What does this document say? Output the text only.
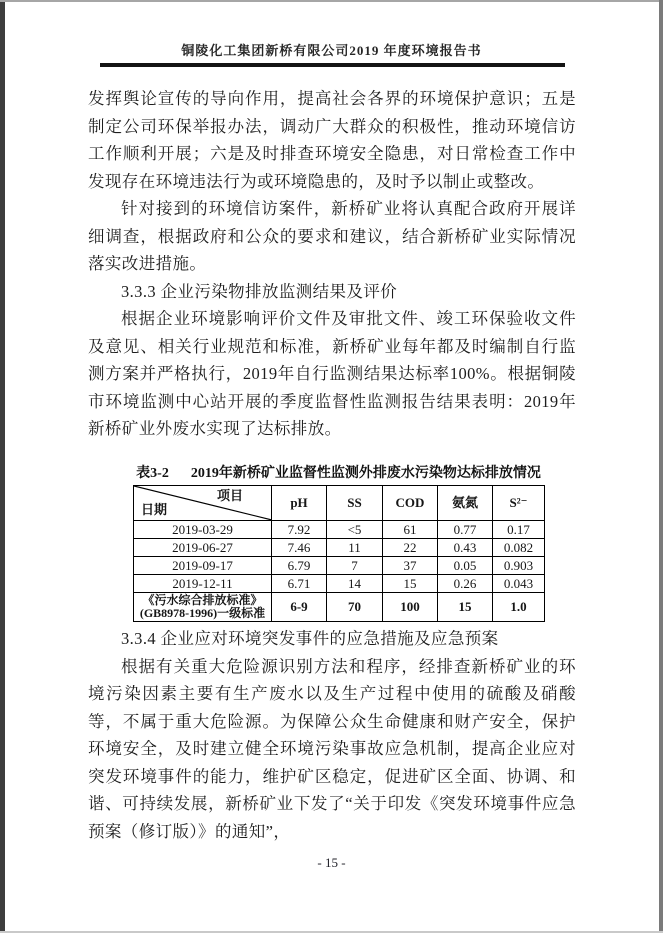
铜陵化工集团新桥有限公司2019 年度环境报告书

发挥舆论宣传的导向作用，提高社会各界的环境保护意识；五是制定公司环保举报办法，调动广大群众的积极性，推动环境信访工作顺利开展；六是及时排查环境安全隐患，对日常检查工作中发现存在环境违法行为或环境隐患的，及时予以制止或整改。

针对接到的环境信访案件，新桥矿业将认真配合政府开展详细调查，根据政府和公众的要求和建议，结合新桥矿业实际情况落实改进措施。

3.3.3 企业污染物排放监测结果及评价

根据企业环境影响评价文件及审批文件、竣工环保验收文件及意见、相关行业规范和标准，新桥矿业每年都及时编制自行监测方案并严格执行，2019年自行监测结果达标率100%。根据铜陵市环境监测中心站开展的季度监督性监测报告结果表明：2019年新桥矿业外废水实现了达标排放。

表3-2 2019年新桥矿业监督性监测外排废水污染物达标排放情况
项目
日期	pH	SS	COD	氨氮	S²⁻
2019-03-29	7.92	<5	61	0.77	0.17
2019-06-27	7.46	11	22	0.43	0.082
2019-09-17	6.79	7	37	0.05	0.903
2019-12-11	6.71	14	15	0.26	0.043

《污水综合排放标准》
(GB8978-1996)一级标准	6-9	70	100	15	1.0

3.3.4 企业应对环境突发事件的应急措施及应急预案

根据有关重大危险源识别方法和程序，经排查新桥矿业的环境污染因素主要有生产废水以及生产过程中使用的硫酸及硝酸等，不属于重大危险源。为保障公众生命健康和财产安全，保护环境安全，及时建立健全环境污染事故应急机制，提高企业应对突发环境事件的能力，维护矿区稳定，促进矿区全面、协调、和谐、可持续发展，新桥矿业下发了“关于印发《突发环境事件应急预案（修订版）》的通知”，

- 15 -
